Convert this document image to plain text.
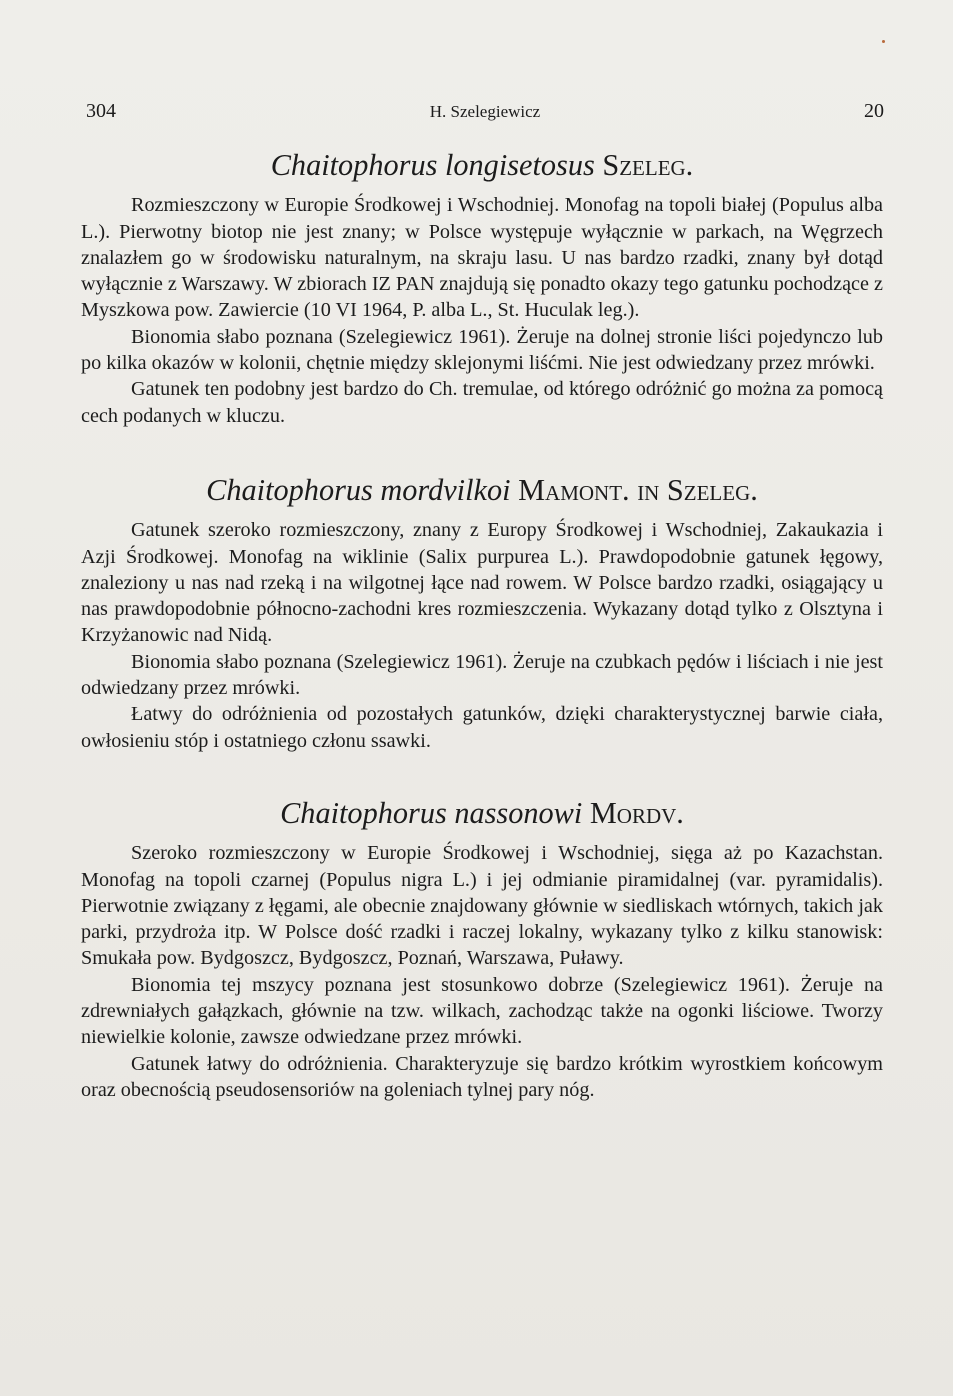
304	H. Szelegiewicz	20
Chaitophorus longisetosus Szeleg.

Rozmieszczony w Europie Środkowej i Wschodniej. Monofag na topoli białej (Populus alba L.). Pierwotny biotop nie jest znany; w Polsce występuje wyłącznie w parkach, na Węgrzech znalazłem go w środowisku naturalnym, na skraju lasu. U nas bardzo rzadki, znany był dotąd wyłącznie z Warszawy. W zbiorach IZ PAN znajdują się ponadto okazy tego gatunku pochodzące z Myszkowa pow. Zawiercie (10 VI 1964, P. alba L., St. Huculak leg.).

Bionomia słabo poznana (Szelegiewicz 1961). Żeruje na dolnej stronie liści pojedynczo lub po kilka okazów w kolonii, chętnie między sklejonymi liśćmi. Nie jest odwiedzany przez mrówki.

Gatunek ten podobny jest bardzo do Ch. tremulae, od którego odróżnić go można za pomocą cech podanych w kluczu.

Chaitophorus mordvilkoi Mamont. in Szeleg.

Gatunek szeroko rozmieszczony, znany z Europy Środkowej i Wschodniej, Zakaukazia i Azji Środkowej. Monofag na wiklinie (Salix purpurea L.). Prawdopodobnie gatunek łęgowy, znaleziony u nas nad rzeką i na wilgotnej łące nad rowem. W Polsce bardzo rzadki, osiągający u nas prawdopodobnie północno-zachodni kres rozmieszczenia. Wykazany dotąd tylko z Olsztyna i Krzyżanowic nad Nidą.

Bionomia słabo poznana (Szelegiewicz 1961). Żeruje na czubkach pędów i liściach i nie jest odwiedzany przez mrówki.

Łatwy do odróżnienia od pozostałych gatunków, dzięki charakterystycznej barwie ciała, owłosieniu stóp i ostatniego członu ssawki.

Chaitophorus nassonowi Mordv.

Szeroko rozmieszczony w Europie Środkowej i Wschodniej, sięga aż po Kazachstan. Monofag na topoli czarnej (Populus nigra L.) i jej odmianie piramidalnej (var. pyramidalis). Pierwotnie związany z łęgami, ale obecnie znajdowany głównie w siedliskach wtórnych, takich jak parki, przydroża itp. W Polsce dość rzadki i raczej lokalny, wykazany tylko z kilku stanowisk: Smukała pow. Bydgoszcz, Bydgoszcz, Poznań, Warszawa, Puławy.

Bionomia tej mszycy poznana jest stosunkowo dobrze (Szelegiewicz 1961). Żeruje na zdrewniałych gałązkach, głównie na tzw. wilkach, zachodząc także na ogonki liściowe. Tworzy niewielkie kolonie, zawsze odwiedzane przez mrówki.

Gatunek łatwy do odróżnienia. Charakteryzuje się bardzo krótkim wyrostkiem końcowym oraz obecnością pseudosensoriów na goleniach tylnej pary nóg.
